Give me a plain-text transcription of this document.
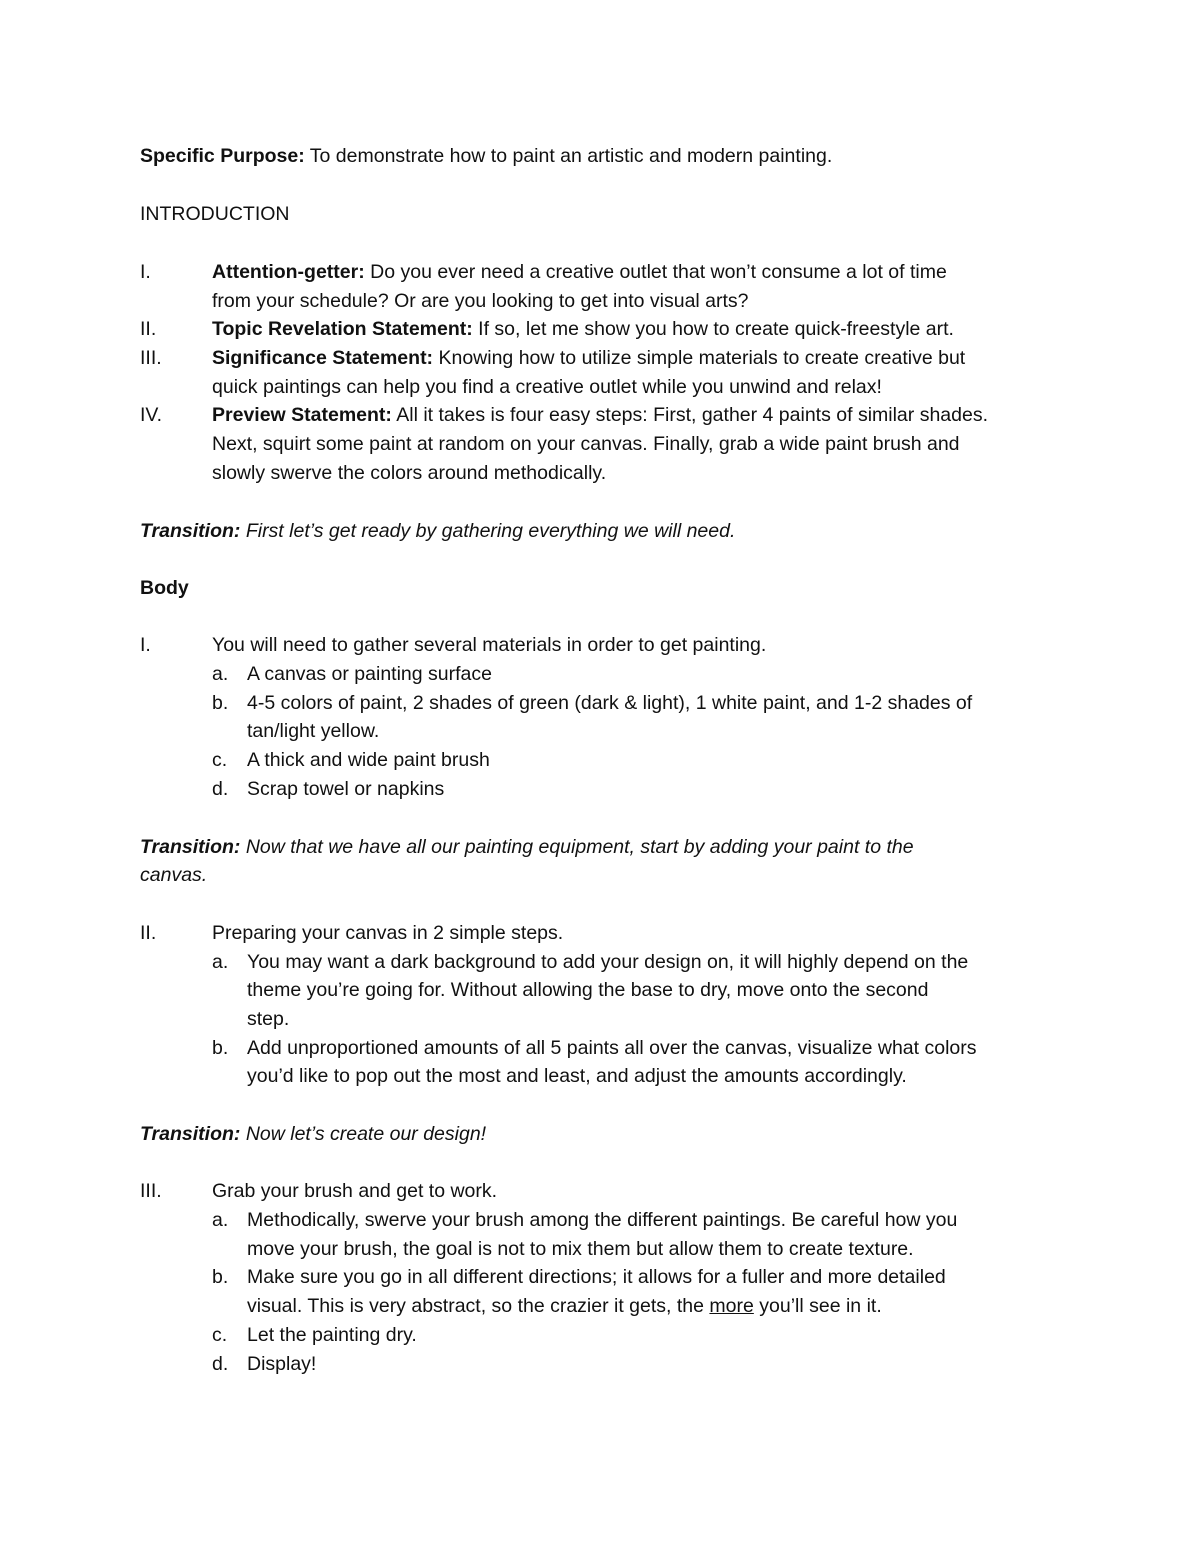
Specific Purpose: To demonstrate how to paint an artistic and modern painting.
INTRODUCTION
I.	Attention-getter: Do you ever need a creative outlet that won’t consume a lot of time
from your schedule? Or are you looking to get into visual arts?
II.	Topic Revelation Statement: If so, let me show you how to create quick-freestyle art.
III.	Significance Statement: Knowing how to utilize simple materials to create creative but
quick paintings can help you find a creative outlet while you unwind and relax!
IV.	Preview Statement: All it takes is four easy steps: First, gather 4 paints of similar shades.
Next, squirt some paint at random on your canvas. Finally, grab a wide paint brush and
slowly swerve the colors around methodically.
Transition: First let’s get ready by gathering everything we will need.
Body
I.	You will need to gather several materials in order to get painting.
a. A canvas or painting surface
b. 4-5 colors of paint, 2 shades of green (dark & light), 1 white paint, and 1-2 shades of
tan/light yellow.
c. A thick and wide paint brush
d. Scrap towel or napkins
Transition: Now that we have all our painting equipment, start by adding your paint to the
canvas.
II.	Preparing your canvas in 2 simple steps.
a. You may want a dark background to add your design on, it will highly depend on the
theme you’re going for. Without allowing the base to dry, move onto the second
step.
b. Add unproportioned amounts of all 5 paints all over the canvas, visualize what colors
you’d like to pop out the most and least, and adjust the amounts accordingly.
Transition: Now let’s create our design!
III.	Grab your brush and get to work.
a. Methodically, swerve your brush among the different paintings. Be careful how you
move your brush, the goal is not to mix them but allow them to create texture.
b. Make sure you go in all different directions; it allows for a fuller and more detailed
visual. This is very abstract, so the crazier it gets, the more you’ll see in it.
c. Let the painting dry.
d. Display!
